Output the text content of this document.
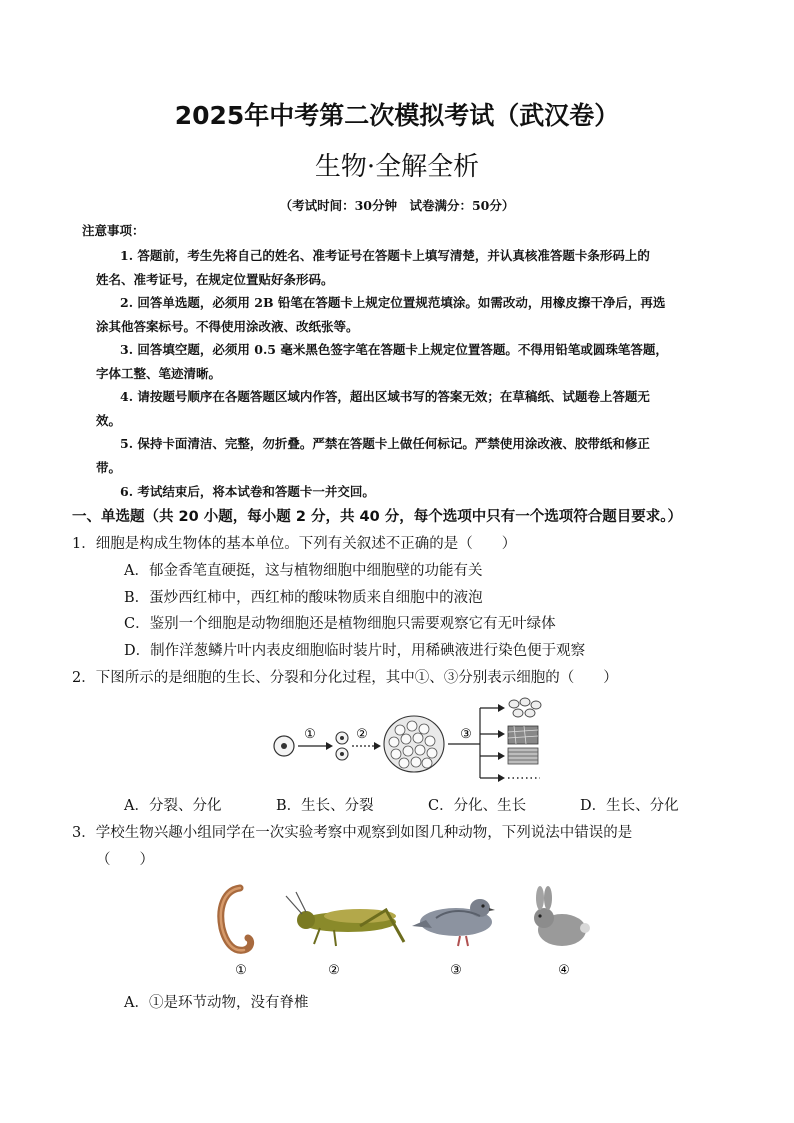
2025年中考第二次模拟考试（武汉卷）
生物·全解全析
（考试时间：30分钟　试卷满分：50分）
注意事项：
1. 答题前，考生先将自己的姓名、准考证号在答题卡上填写清楚，并认真核准答题卡条形码上的
姓名、准考证号，在规定位置贴好条形码。
2. 回答单选题，必须用 2B 铅笔在答题卡上规定位置规范填涂。如需改动，用橡皮擦干净后，再选
涂其他答案标号。不得使用涂改液、改纸张等。
3. 回答填空题，必须用 0.5 毫米黑色签字笔在答题卡上规定位置答题。不得用铅笔或圆珠笔答题，
字体工整、笔迹清晰。
4. 请按题号顺序在各题答题区域内作答，超出区域书写的答案无效；在草稿纸、试题卷上答题无
效。
5. 保持卡面清洁、完整，勿折叠。严禁在答题卡上做任何标记。严禁使用涂改液、胶带纸和修正
带。
6. 考试结束后，将本试卷和答题卡一并交回。
一、单选题（共 20 小题，每小题 2 分，共 40 分，每个选项中只有一个选项符合题目要求。）
1．细胞是构成生物体的基本单位。下列有关叙述不正确的是（　　）
A．郁金香笔直硬挺，这与植物细胞中细胞壁的功能有关
B．蛋炒西红柿中，西红柿的酸味物质来自细胞中的液泡
C．鉴别一个细胞是动物细胞还是植物细胞只需要观察它有无叶绿体
D．制作洋葱鳞片叶内表皮细胞临时装片时，用稀碘液进行染色便于观察
2．下图所示的是细胞的生长、分裂和分化过程，其中①、③分别表示细胞的（　　）
①	②	③
A．分裂、分化	B．生长、分裂	C．分化、生长	D．生长、分化
3．学校生物兴趣小组同学在一次实验考察中观察到如图几种动物，下列说法中错误的是
（　　）
①	②	③	④
A．①是环节动物，没有脊椎
